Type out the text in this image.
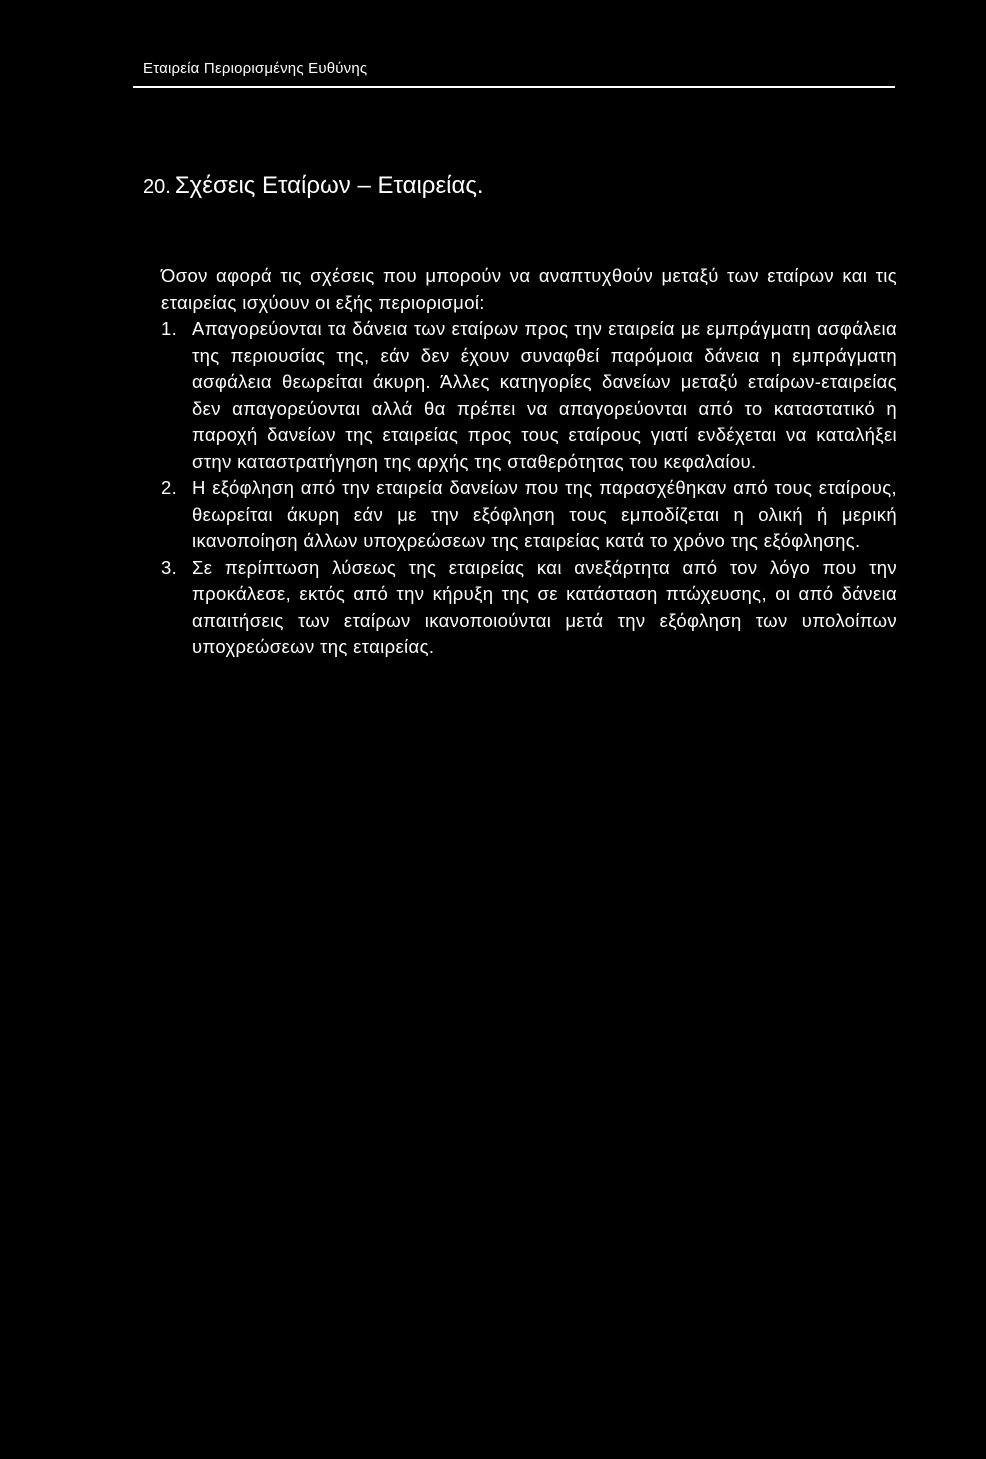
Εταιρεία Περιορισμένης Ευθύνης
20. Σχέσεις Εταίρων – Εταιρείας.

Όσον αφορά τις σχέσεις που μπορούν να αναπτυχθούν μεταξύ των εταίρων και τις εταιρείας ισχύουν οι εξής περιορισμοί:

1. Απαγορεύονται τα δάνεια των εταίρων προς την εταιρεία με εμπράγματη ασφάλεια της περιουσίας της, εάν δεν έχουν συναφθεί παρόμοια δάνεια η εμπράγματη ασφάλεια θεωρείται άκυρη. Άλλες κατηγορίες δανείων μεταξύ εταίρων-εταιρείας δεν απαγορεύονται αλλά θα πρέπει να απαγορεύονται από το καταστατικό η παροχή δανείων της εταιρείας προς τους εταίρους γιατί ενδέχεται να καταλήξει στην καταστρατήγηση της αρχής της σταθερότητας του κεφαλαίου.
2. Η εξόφληση από την εταιρεία δανείων που της παρασχέθηκαν από τους εταίρους, θεωρείται άκυρη εάν με την εξόφληση τους εμποδίζεται η ολική ή μερική ικανοποίηση άλλων υποχρεώσεων της εταιρείας κατά το χρόνο της εξόφλησης.
3. Σε περίπτωση λύσεως της εταιρείας και ανεξάρτητα από τον λόγο που την προκάλεσε, εκτός από την κήρυξη της σε κατάσταση πτώχευσης, οι από δάνεια απαιτήσεις των εταίρων ικανοποιούνται μετά την εξόφληση των υπολοίπων υποχρεώσεων της εταιρείας.
